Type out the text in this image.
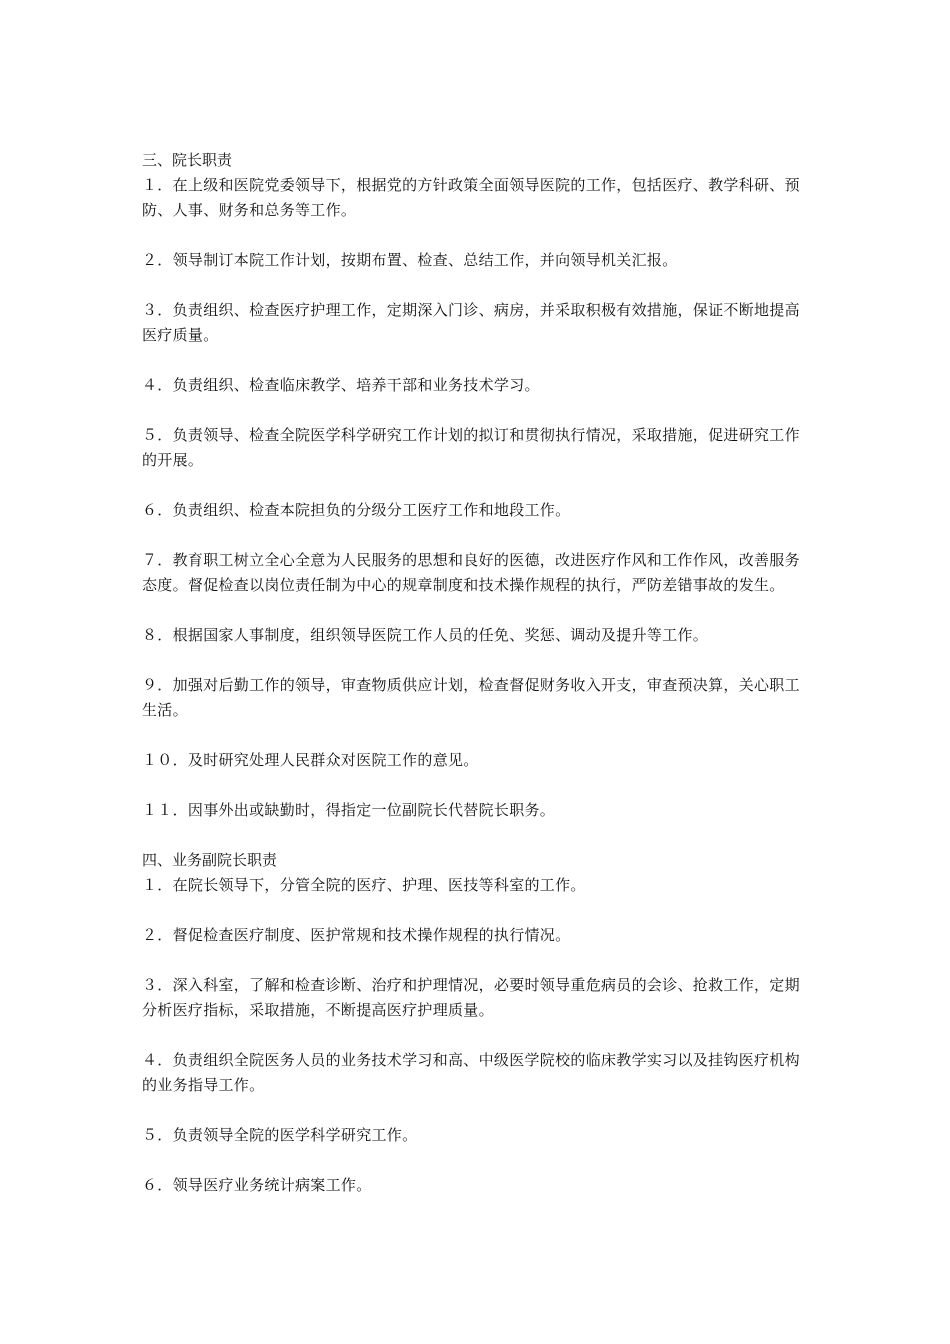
三、院长职责

１．在上级和医院党委领导下，根据党的方针政策全面领导医院的工作，包括医疗、教学科研、预防、人事、财务和总务等工作。

２．领导制订本院工作计划，按期布置、检查、总结工作，并向领导机关汇报。

３．负责组织、检查医疗护理工作，定期深入门诊、病房，并采取积极有效措施，保证不断地提高医疗质量。

４．负责组织、检查临床教学、培养干部和业务技术学习。

５．负责领导、检查全院医学科学研究工作计划的拟订和贯彻执行情况，采取措施，促进研究工作的开展。

６．负责组织、检查本院担负的分级分工医疗工作和地段工作。

７．教育职工树立全心全意为人民服务的思想和良好的医德，改进医疗作风和工作作风，改善服务态度。督促检查以岗位责任制为中心的规章制度和技术操作规程的执行，严防差错事故的发生。

８．根据国家人事制度，组织领导医院工作人员的任免、奖惩、调动及提升等工作。

９．加强对后勤工作的领导，审查物质供应计划，检查督促财务收入开支，审查预决算，关心职工生活。

１０．及时研究处理人民群众对医院工作的意见。

１１．因事外出或缺勤时，得指定一位副院长代替院长职务。

四、业务副院长职责

１．在院长领导下，分管全院的医疗、护理、医技等科室的工作。

２．督促检查医疗制度、医护常规和技术操作规程的执行情况。

３．深入科室，了解和检查诊断、治疗和护理情况，必要时领导重危病员的会诊、抢救工作，定期分析医疗指标，采取措施，不断提高医疗护理质量。

４．负责组织全院医务人员的业务技术学习和高、中级医学院校的临床教学实习以及挂钩医疗机构的业务指导工作。

５．负责领导全院的医学科学研究工作。

６．领导医疗业务统计病案工作。
